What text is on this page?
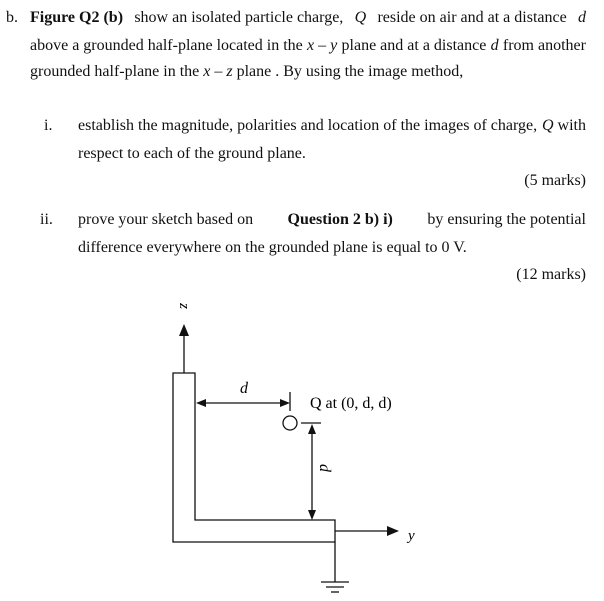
b. Figure Q2 (b) show an isolated particle charge, Q reside on air and at a distance d
above a grounded half-plane located in the x – y plane and at a distance d from another
grounded half-plane in the x – z plane . By using the image method,
i. establish the magnitude, polarities and location of the images of charge, Q with
respect to each of the ground plane.
(5 marks)
ii. prove your sketch based on Question 2 b) i) by ensuring the potential
difference everywhere on the grounded plane is equal to 0 V.
(12 marks)
z
y
d
d
Q at (0, d, d)
